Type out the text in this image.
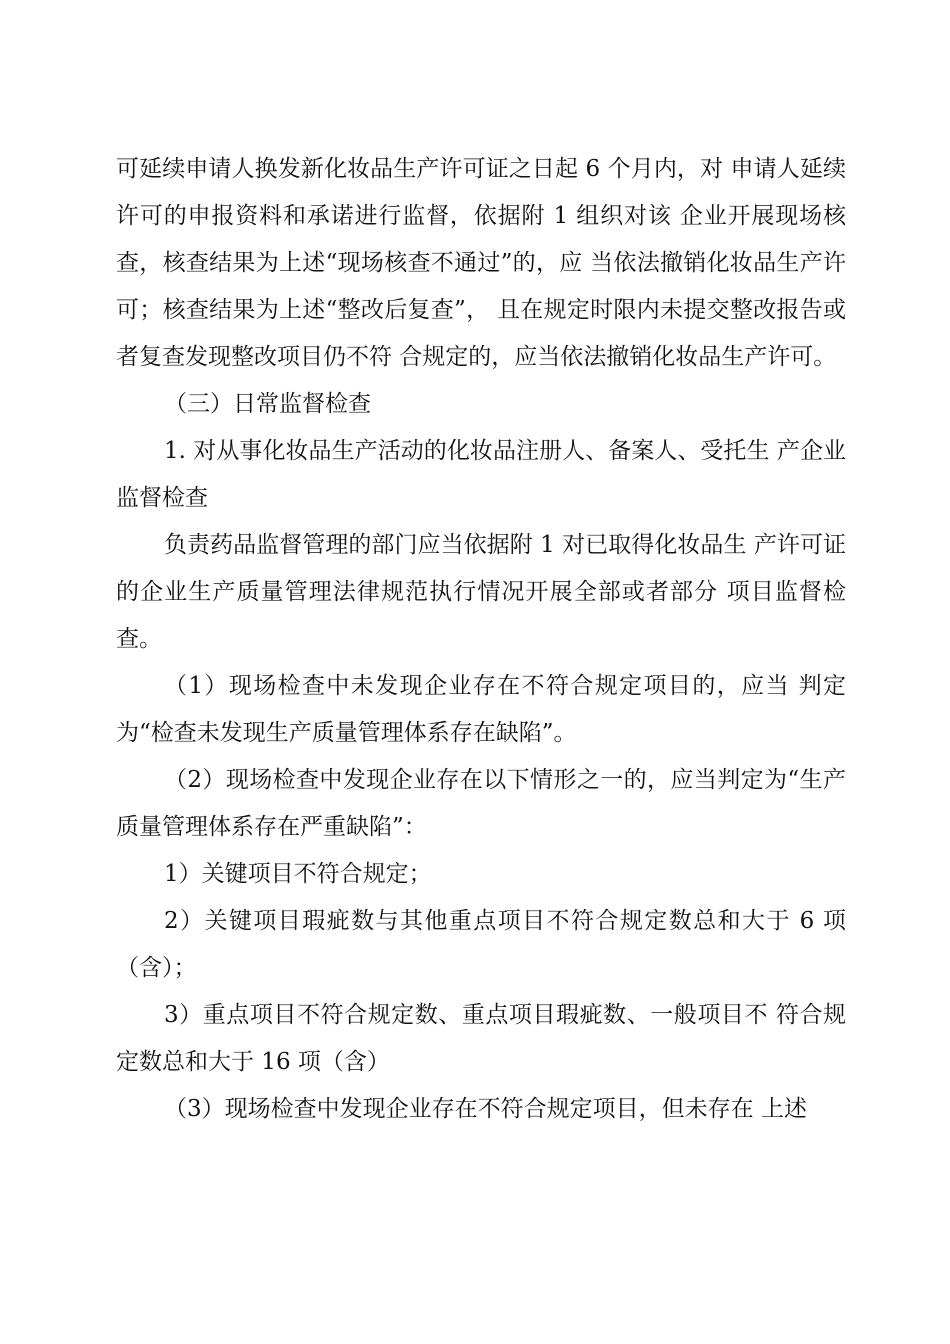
可延续申请人换发新化妆品生产许可证之日起 6 个月内，对 申请人延续许可的申报资料和承诺进行监督，依据附 1 组织对该 企业开展现场核查，核查结果为上述“现场核查不通过”的，应 当依法撤销化妆品生产许可；核查结果为上述“整改后复查”， 且在规定时限内未提交整改报告或者复查发现整改项目仍不符 合规定的，应当依法撤销化妆品生产许可。

（三）日常监督检查

1. 对从事化妆品生产活动的化妆品注册人、备案人、受托生 产企业监督检查

负责药品监督管理的部门应当依据附 1 对已取得化妆品生 产许可证的企业生产质量管理法律规范执行情况开展全部或者部分 项目监督检查。

（1）现场检查中未发现企业存在不符合规定项目的，应当 判定为“检查未发现生产质量管理体系存在缺陷”。

（2）现场检查中发现企业存在以下情形之一的，应当判定为“生产质量管理体系存在严重缺陷”：

1）关键项目不符合规定；

2）关键项目瑕疵数与其他重点项目不符合规定数总和大于 6 项（含）；

3）重点项目不符合规定数、重点项目瑕疵数、一般项目不 符合规定数总和大于 16 项（含）

（3）现场检查中发现企业存在不符合规定项目，但未存在 上述
